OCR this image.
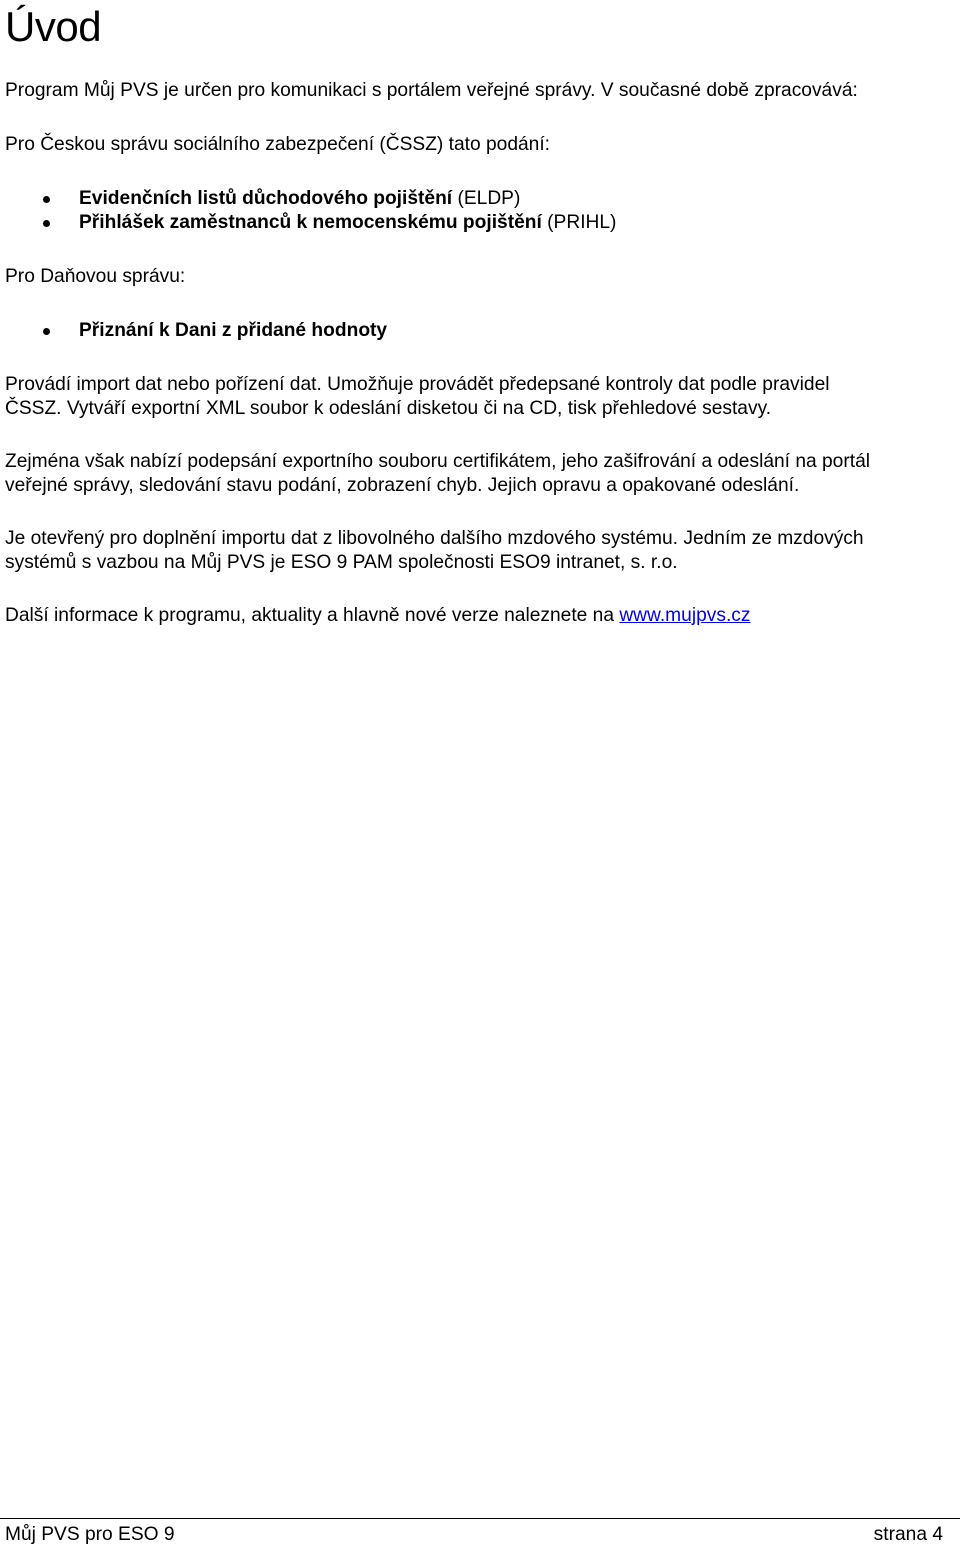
Úvod

Program Můj PVS je určen pro komunikaci s portálem veřejné správy. V současné době zpracovává:

Pro Českou správu sociálního zabezpečení (ČSSZ) tato podání:

Evidenčních listů důchodového pojištění (ELDP)
Přihlášek zaměstnanců k nemocenskému pojištění (PRIHL)

Pro Daňovou správu:

Přiznání k Dani z přidané hodnoty
Provádí import dat nebo pořízení dat. Umožňuje provádět předepsané kontroly dat podle pravidel
ČSSZ. Vytváří exportní XML soubor k odeslání disketou či na CD, tisk přehledové sestavy.
Zejména však nabízí podepsání exportního souboru certifikátem, jeho zašifrování a odeslání na portál
veřejné správy, sledování stavu podání, zobrazení chyb. Jejich opravu a opakované odeslání.
Je otevřený pro doplnění importu dat z libovolného dalšího mzdového systému. Jedním ze mzdových
systémů s vazbou na Můj PVS je ESO 9 PAM společnosti ESO9 intranet, s. r.o.

Další informace k programu, aktuality a hlavně nové verze naleznete na www.mujpvs.cz

Můj PVS pro ESO 9	strana 4
